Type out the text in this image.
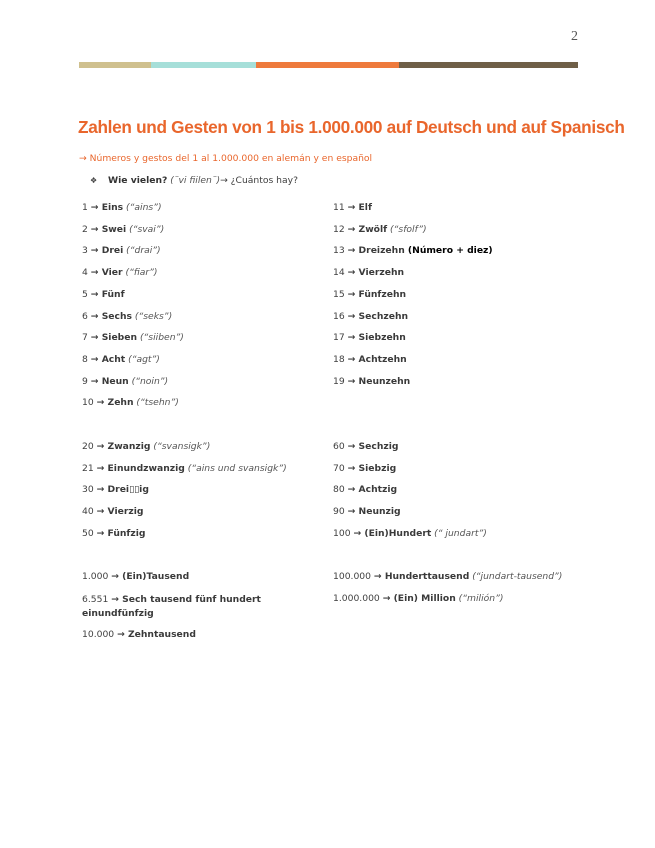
2
Zahlen und Gesten von 1 bis 1.000.000 auf Deutsch und auf Spanisch
→ Números y gestos del 1 al 1.000.000 en alemán y en español
❖ Wie vielen? (¨vi fiilen¨)→ ¿Cuántos hay?
1 → Eins (“ains”)
2 → Swei (“svai”)
3 → Drei (“drai”)
4 → Vier (“fiar”)
5 → Fünf
6 → Sechs (“seks”)
7 → Sieben (“siiben”)
8 → Acht (“agt”)
9 → Neun (“noin”)
10 → Zehn (“tsehn”)
11 → Elf
12 → Zwölf (“sfolf”)
13 → Dreizehn (Número + diez)
14 → Vierzehn
15 → Fünfzehn
16 → Sechzehn
17 → Siebzehn
18 → Achtzehn
19 → Neunzehn
20 → Zwanzig (“svansigk”)
21 → Einundzwanzig (“ains und svansigk”)
30 → Drei▯▯ig
40 → Vierzig
50 → Fünfzig
60 → Sechzig
70 → Siebzig
80 → Achtzig
90 → Neunzig
100 → (Ein)Hundert (“ jundart”)
1.000 → (Ein)Tausend
6.551 → Sech tausend fünf hundert einundfünfzig
10.000 → Zehntausend
100.000 → Hunderttausend (“jundart-tausend”)
1.000.000 → (Ein) Million (“milión”)
